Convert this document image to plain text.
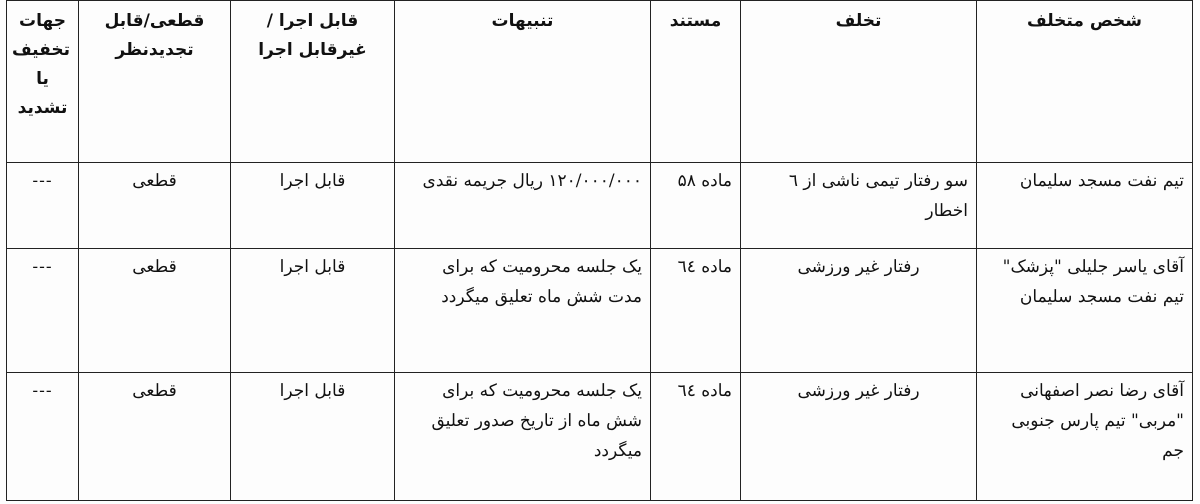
شخص متخلف	تخلف	مستند	تنبیهات	قابل اجرا /غیرقابل اجرا	قطعی/قابل تجدیدنظر	جهات تخفیف یا تشدید
تیم نفت مسجد سلیمان	سو رفتار تیمی ناشی از ٦ اخطار	ماده ۵۸	۱۲۰/۰۰۰/۰۰۰ ریال جریمه نقدی	قابل اجرا	قطعی	---
آقای یاسر جلیلی "پزشک" تیم نفت مسجد سلیمان	رفتار غیر ورزشی	ماده ٦٤	یک جلسه محرومیت که برای مدت شش ماه تعلیق میگردد	قابل اجرا	قطعی	---
آقای رضا نصر اصفهانی "مربی" تیم پارس جنوبی جم	رفتار غیر ورزشی	ماده ٦٤	یک جلسه محرومیت که برای شش ماه از تاریخ صدور تعلیق میگردد	قابل اجرا	قطعی	---
